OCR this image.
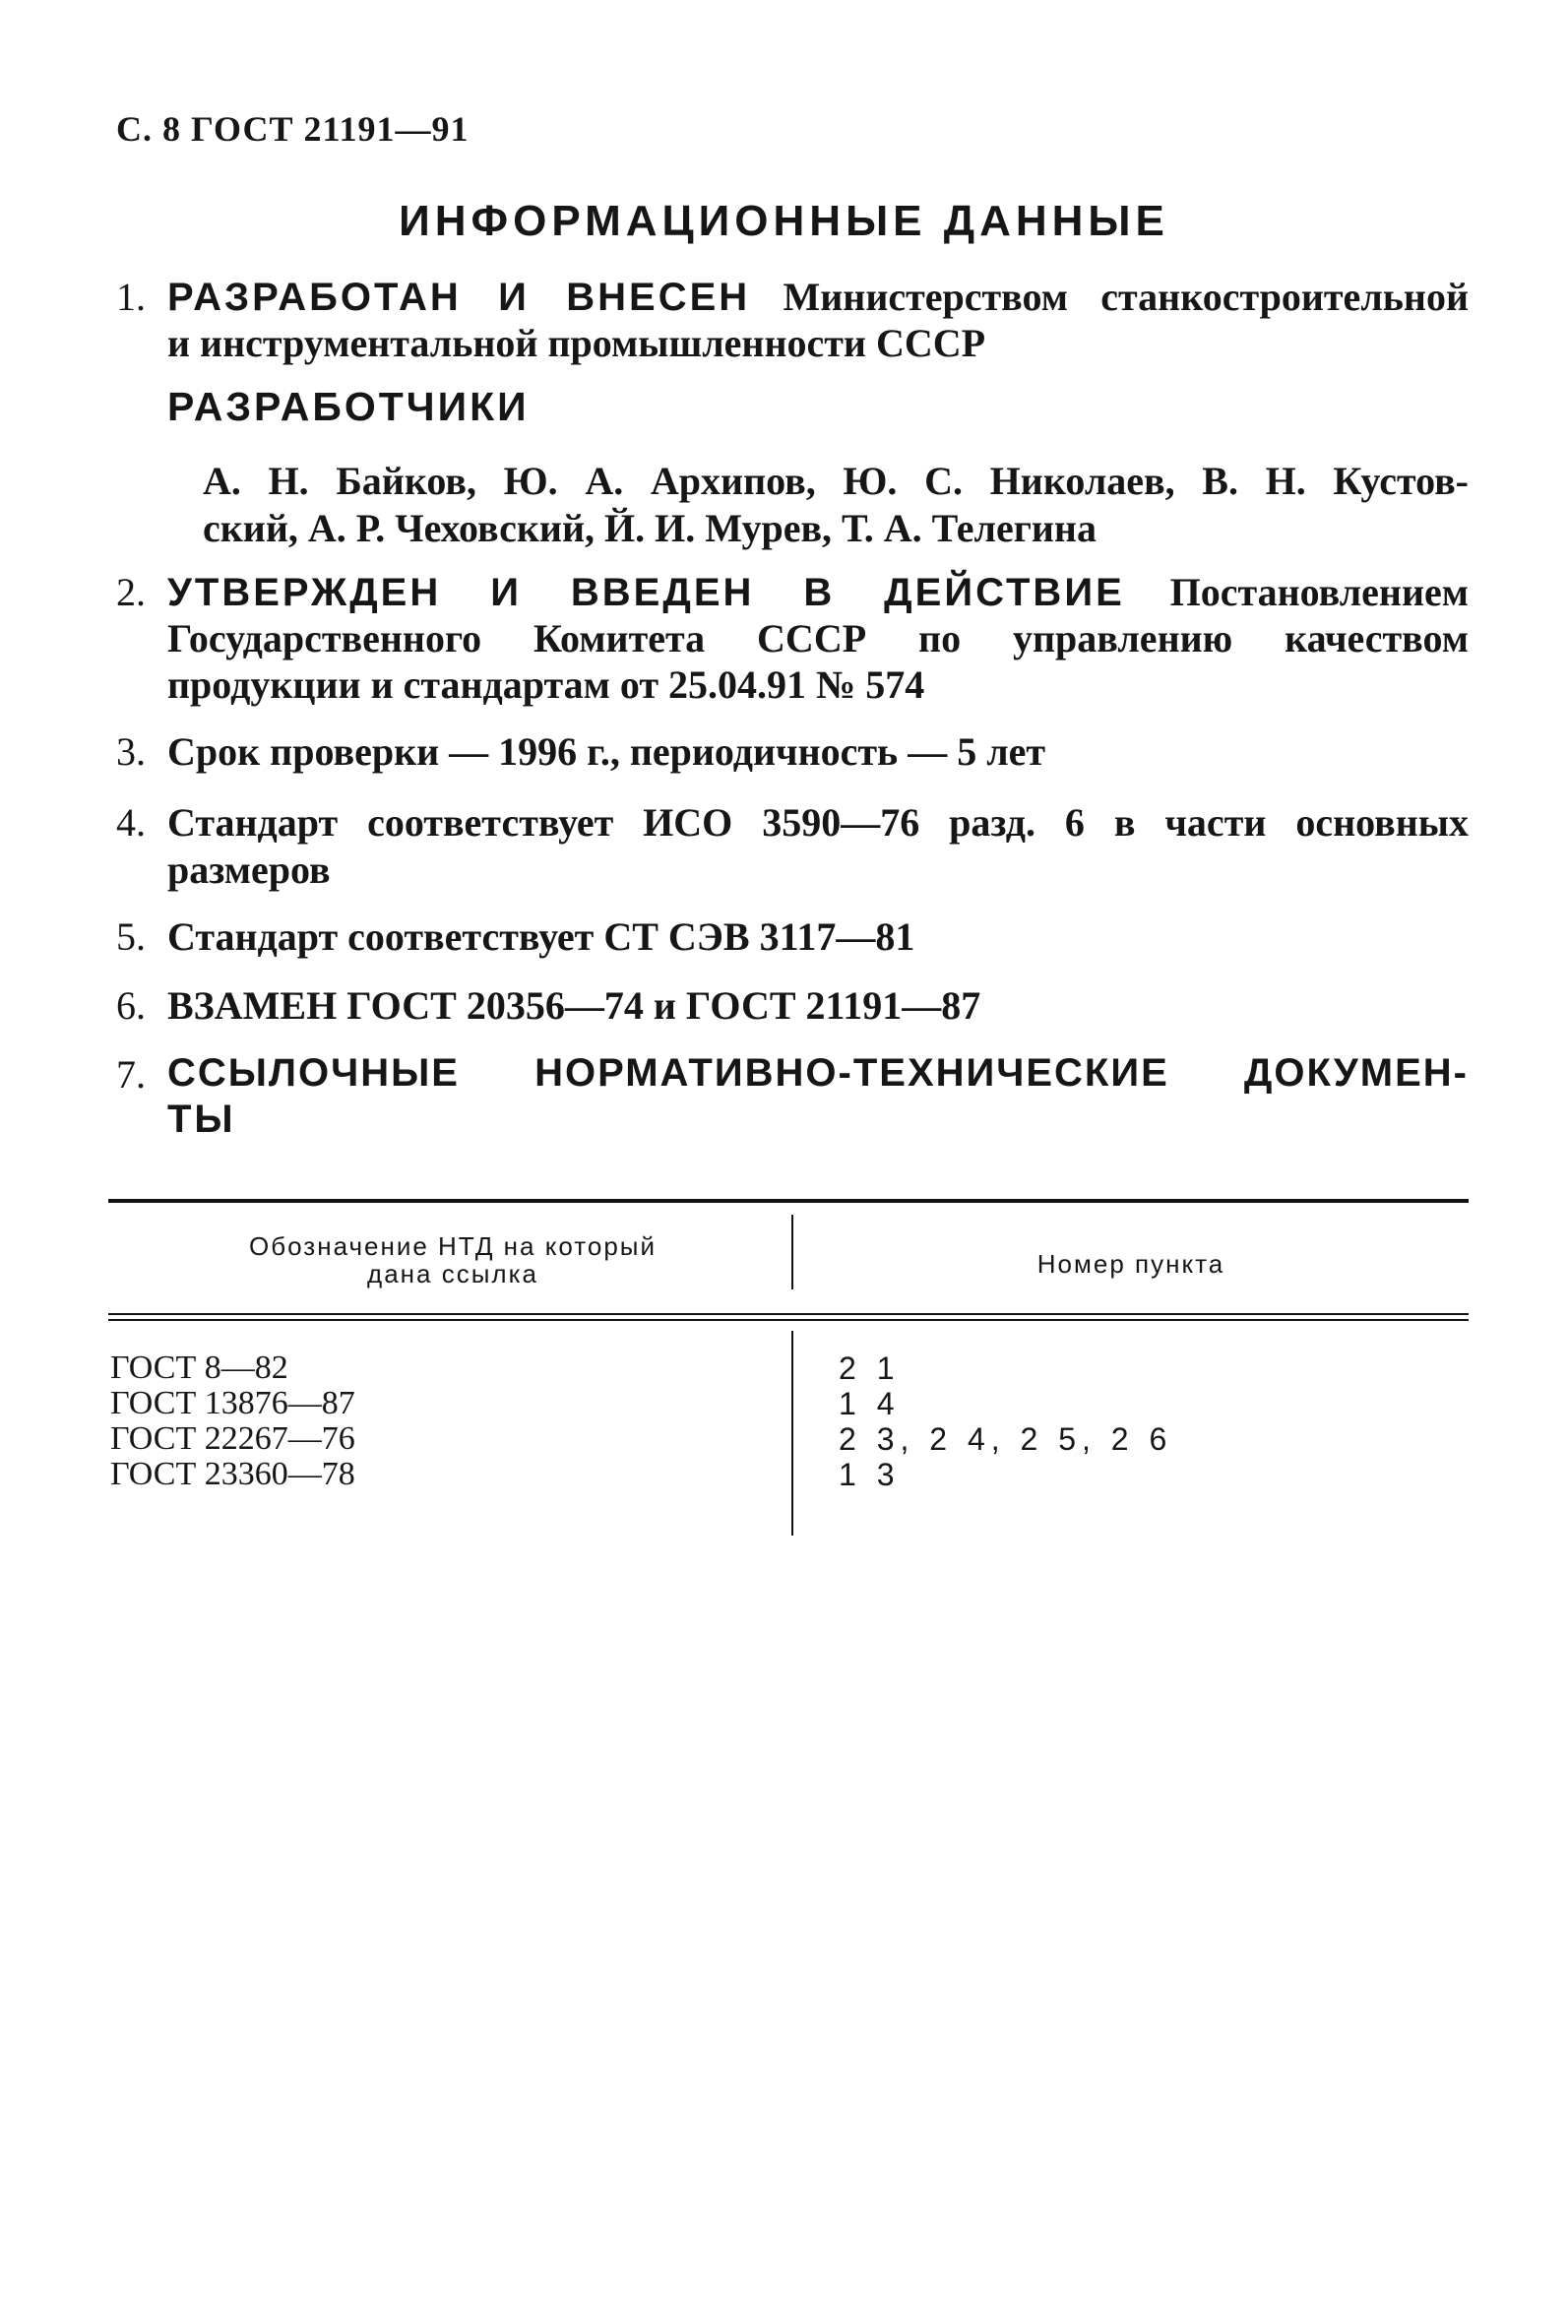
С. 8 ГОСТ 21191—91
ИНФОРМАЦИОННЫЕ ДАННЫЕ
1. РАЗРАБОТАН И ВНЕСЕН Министерством станкостроительной
и инструментальной промышленности СССР
РАЗРАБОТЧИКИ
А. Н. Байков, Ю. А. Архипов, Ю. С. Николаев, В. Н. Кустов-
ский, А. Р. Чеховский, Й. И. Мурев, Т. А. Телегина
2. УТВЕРЖДЕН И ВВЕДЕН В ДЕЙСТВИЕ Постановлением
Государственного Комитета СССР по управлению качеством
продукции и стандартам от 25.04.91 № 574
3. Срок проверки — 1996 г., периодичность — 5 лет
4. Стандарт соответствует ИСО 3590—76 разд. 6 в части основных
размеров
5. Стандарт соответствует СТ СЭВ 3117—81
6. ВЗАМЕН ГОСТ 20356—74 и ГОСТ 21191—87
7. ССЫЛОЧНЫЕ НОРМАТИВНО-ТЕХНИЧЕСКИЕ ДОКУМЕН-
ТЫ
Обозначение НТД на который
дана ссылка	Номер пункта
ГОСТ 8—82	2 1
ГОСТ 13876—87	1 4
ГОСТ 22267—76	2 3, 2 4, 2 5, 2 6
ГОСТ 23360—78	1 3
